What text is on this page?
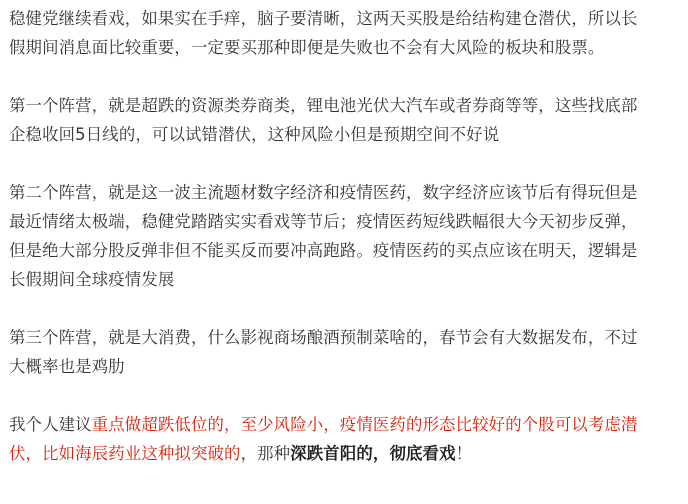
稳健党继续看戏，如果实在手痒，脑子要清晰，这两天买股是给结构建仓潜伏，所以长
假期间消息面比较重要，一定要买那种即便是失败也不会有大风险的板块和股票。
第一个阵营，就是超跌的资源类券商类，锂电池光伏大汽车或者券商等等，这些找底部
企稳收回5日线的，可以试错潜伏，这种风险小但是预期空间不好说
第二个阵营，就是这一波主流题材数字经济和疫情医药，数字经济应该节后有得玩但是
最近情绪太极端，稳健党踏踏实实看戏等节后；疫情医药短线跌幅很大今天初步反弹，
但是绝大部分股反弹非但不能买反而要冲高跑路。疫情医药的买点应该在明天，逻辑是
长假期间全球疫情发展
第三个阵营，就是大消费，什么影视商场酿酒预制菜啥的，春节会有大数据发布，不过
大概率也是鸡肋
我个人建议重点做超跌低位的，至少风险小，疫情医药的形态比较好的个股可以考虑潜
伏，比如海辰药业这种拟突破的，那种深跌首阳的，彻底看戏！
